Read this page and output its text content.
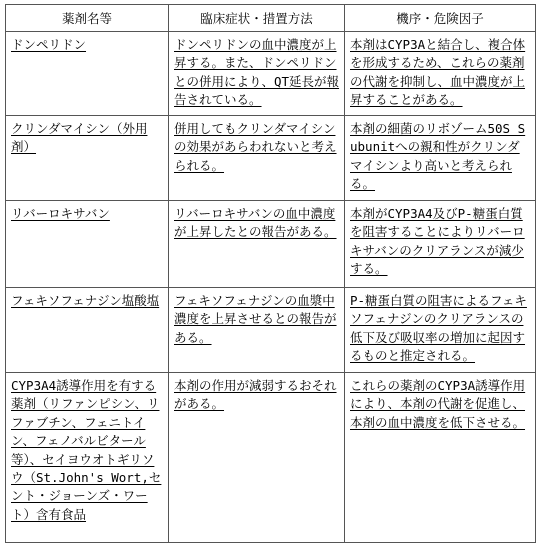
薬剤名等	臨床症状・措置方法	機序・危険因子
ドンペリドン	ドンペリドンの血中濃度が上昇する。また、ドンペリドンとの併用により、QT延長が報告されている。	本剤はCYP3Aと結合し、複合体を形成するため、これらの薬剤の代謝を抑制し、血中濃度が上昇することがある。
クリンダマイシン（外用剤）	併用してもクリンダマイシンの効果があらわれないと考えられる。	本剤の細菌のリボゾーム50S Subunitへの親和性がクリンダマイシンより高いと考えられる。
リバーロキサバン	リバーロキサバンの血中濃度が上昇したとの報告がある。	本剤がCYP3A4及びP-糖蛋白質を阻害することによりリバーロキサバンのクリアランスが減少する。
フェキソフェナジン塩酸塩	フェキソフェナジンの血漿中濃度を上昇させるとの報告がある。	P-糖蛋白質の阻害によるフェキソフェナジンのクリアランスの低下及び吸収率の増加に起因するものと推定される。
CYP3A4誘導作用を有する薬剤（リファンピシン、リファブチン、フェニトイン、フェノバルビタール等）、セイヨウオトギリソウ（St.John's Wort,セント・ジョーンズ・ワート）含有食品	本剤の作用が減弱するおそれがある。	これらの薬剤のCYP3A誘導作用により、本剤の代謝を促進し、本剤の血中濃度を低下させる。
